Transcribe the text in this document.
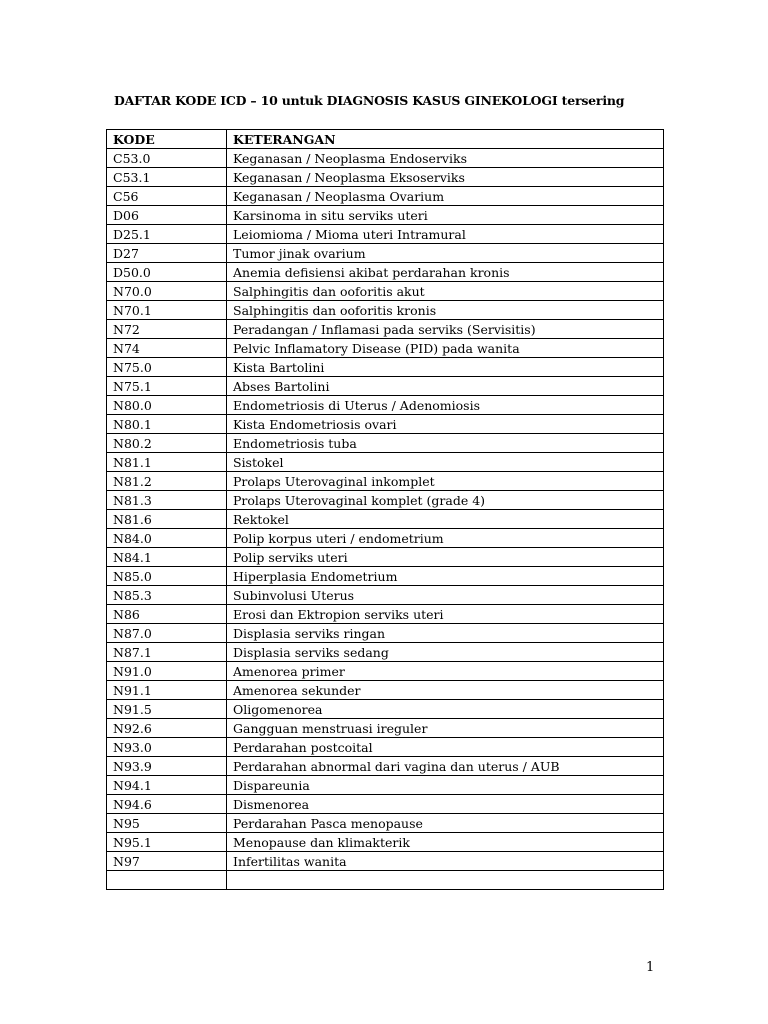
DAFTAR KODE ICD – 10 untuk DIAGNOSIS KASUS GINEKOLOGI tersering
KODE	KETERANGAN
C53.0	Keganasan / Neoplasma Endoserviks
C53.1	Keganasan / Neoplasma Eksoserviks
C56	Keganasan / Neoplasma Ovarium
D06	Karsinoma in situ serviks uteri
D25.1	Leiomioma / Mioma uteri Intramural
D27	Tumor jinak ovarium
D50.0	Anemia defisiensi akibat perdarahan kronis
N70.0	Salphingitis dan ooforitis akut
N70.1	Salphingitis dan ooforitis kronis
N72	Peradangan / Inflamasi pada serviks (Servisitis)
N74	Pelvic Inflamatory Disease (PID) pada wanita
N75.0	Kista Bartolini
N75.1	Abses Bartolini
N80.0	Endometriosis di Uterus / Adenomiosis
N80.1	Kista Endometriosis ovari
N80.2	Endometriosis tuba
N81.1	Sistokel
N81.2	Prolaps Uterovaginal inkomplet
N81.3	Prolaps Uterovaginal komplet (grade 4)
N81.6	Rektokel
N84.0	Polip korpus uteri / endometrium
N84.1	Polip serviks uteri
N85.0	Hiperplasia Endometrium
N85.3	Subinvolusi Uterus
N86	Erosi dan Ektropion serviks uteri
N87.0	Displasia serviks ringan
N87.1	Displasia serviks sedang
N91.0	Amenorea primer
N91.1	Amenorea sekunder
N91.5	Oligomenorea
N92.6	Gangguan menstruasi ireguler
N93.0	Perdarahan postcoital
N93.9	Perdarahan abnormal dari vagina dan uterus / AUB
N94.1	Dispareunia
N94.6	Dismenorea
N95	Perdarahan Pasca menopause
N95.1	Menopause dan klimakterik
N97	Infertilitas wanita

1
